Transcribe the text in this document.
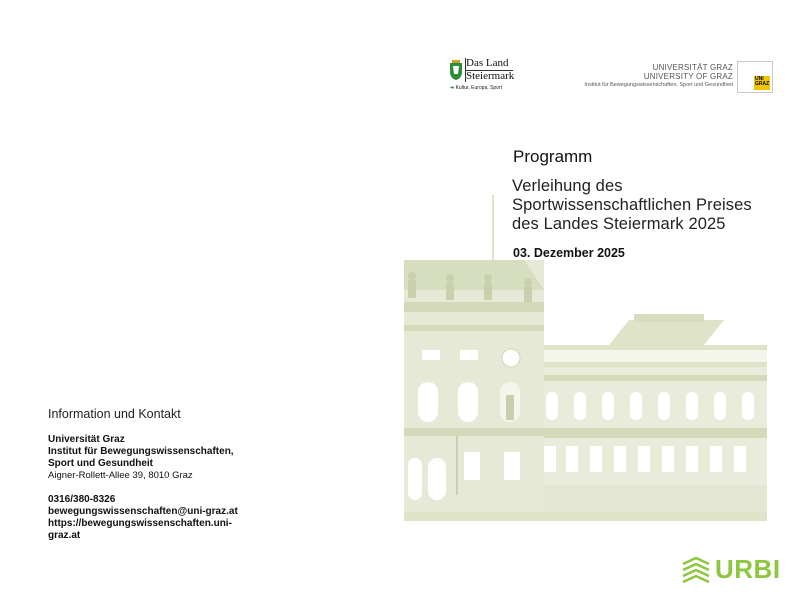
Das Land
Steiermark
➔ Kultur, Europa, Sport
UNIVERSITÄT GRAZ
UNIVERSITY OF GRAZ
Institut für Bewegungswissenschaften, Sport und Gesundheit
UNI GRAZ
Programm
Verleihung des
Sportwissenschaftlichen Preises
des Landes Steiermark 2025
03. Dezember 2025
Information und Kontakt
Universität Graz
Institut für Bewegungswissenschaften,
Sport und Gesundheit
Aigner-Rollett-Allee 39, 8010 Graz
0316/380-8326
bewegungswissenschaften@uni-graz.at
https://bewegungswissenschaften.uni-
graz.at
URBI
